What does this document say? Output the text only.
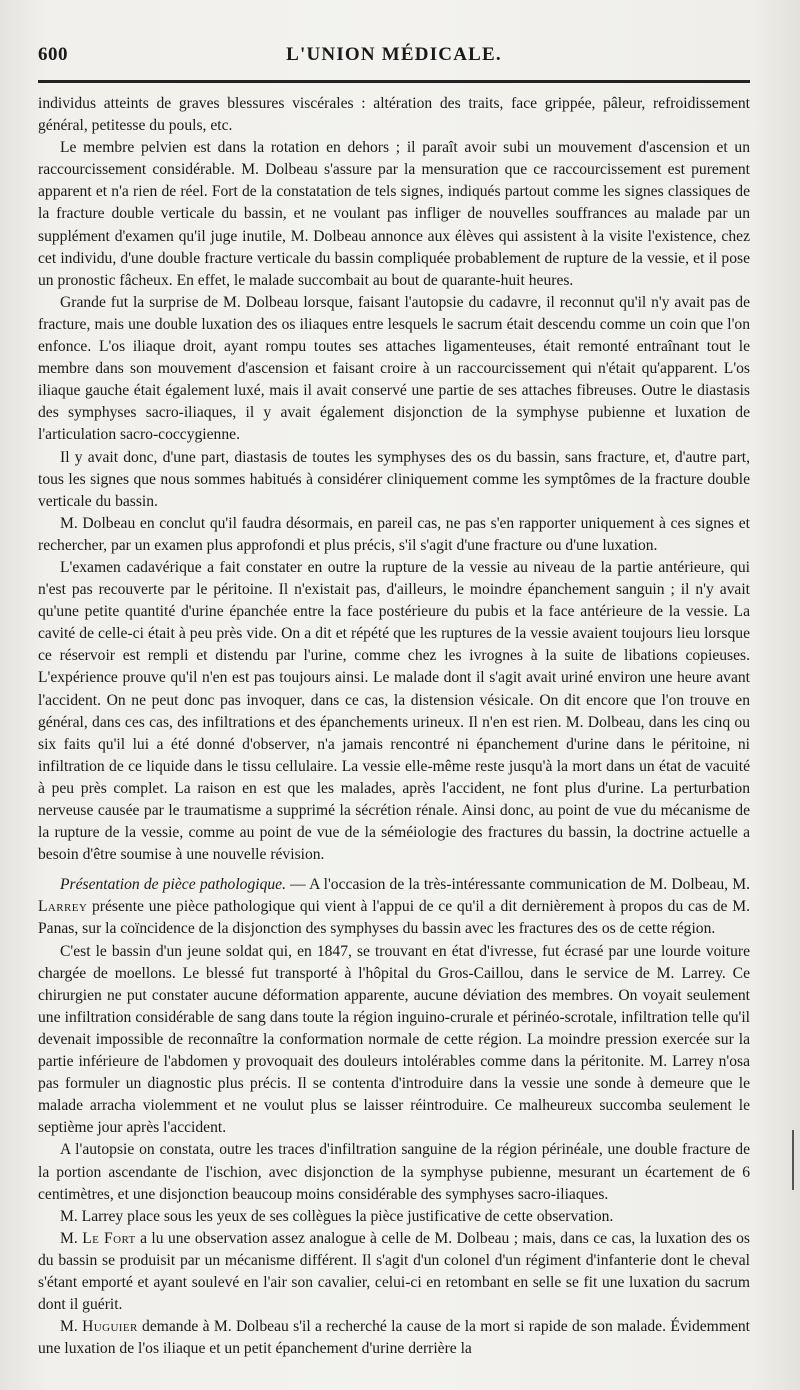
600	L'UNION MÉDICALE.

individus atteints de graves blessures viscérales : altération des traits, face grippée, pâleur, refroidissement général, petitesse du pouls, etc.

Le membre pelvien est dans la rotation en dehors ; il paraît avoir subi un mouvement d'ascension et un raccourcissement considérable. M. Dolbeau s'assure par la mensuration que ce raccourcissement est purement apparent et n'a rien de réel. Fort de la constatation de tels signes, indiqués partout comme les signes classiques de la fracture double verticale du bassin, et ne voulant pas infliger de nouvelles souffrances au malade par un supplément d'examen qu'il juge inutile, M. Dolbeau annonce aux élèves qui assistent à la visite l'existence, chez cet individu, d'une double fracture verticale du bassin compliquée probablement de rupture de la vessie, et il pose un pronostic fâcheux. En effet, le malade succombait au bout de quarante-huit heures.

Grande fut la surprise de M. Dolbeau lorsque, faisant l'autopsie du cadavre, il reconnut qu'il n'y avait pas de fracture, mais une double luxation des os iliaques entre lesquels le sacrum était descendu comme un coin que l'on enfonce. L'os iliaque droit, ayant rompu toutes ses attaches ligamenteuses, était remonté entraînant tout le membre dans son mouvement d'ascension et faisant croire à un raccourcissement qui n'était qu'apparent. L'os iliaque gauche était également luxé, mais il avait conservé une partie de ses attaches fibreuses. Outre le diastasis des symphyses sacro-iliaques, il y avait également disjonction de la symphyse pubienne et luxation de l'articulation sacro-coccygienne.

Il y avait donc, d'une part, diastasis de toutes les symphyses des os du bassin, sans fracture, et, d'autre part, tous les signes que nous sommes habitués à considérer cliniquement comme les symptômes de la fracture double verticale du bassin.

M. Dolbeau en conclut qu'il faudra désormais, en pareil cas, ne pas s'en rapporter uniquement à ces signes et rechercher, par un examen plus approfondi et plus précis, s'il s'agit d'une fracture ou d'une luxation.

L'examen cadavérique a fait constater en outre la rupture de la vessie au niveau de la partie antérieure, qui n'est pas recouverte par le péritoine. Il n'existait pas, d'ailleurs, le moindre épanchement sanguin ; il n'y avait qu'une petite quantité d'urine épanchée entre la face postérieure du pubis et la face antérieure de la vessie. La cavité de celle-ci était à peu près vide. On a dit et répété que les ruptures de la vessie avaient toujours lieu lorsque ce réservoir est rempli et distendu par l'urine, comme chez les ivrognes à la suite de libations copieuses. L'expérience prouve qu'il n'en est pas toujours ainsi. Le malade dont il s'agit avait uriné environ une heure avant l'accident. On ne peut donc pas invoquer, dans ce cas, la distension vésicale. On dit encore que l'on trouve en général, dans ces cas, des infiltrations et des épanchements urineux. Il n'en est rien. M. Dolbeau, dans les cinq ou six faits qu'il lui a été donné d'observer, n'a jamais rencontré ni épanchement d'urine dans le péritoine, ni infiltration de ce liquide dans le tissu cellulaire. La vessie elle-même reste jusqu'à la mort dans un état de vacuité à peu près complet. La raison en est que les malades, après l'accident, ne font plus d'urine. La perturbation nerveuse causée par le traumatisme a supprimé la sécrétion rénale. Ainsi donc, au point de vue du mécanisme de la rupture de la vessie, comme au point de vue de la séméiologie des fractures du bassin, la doctrine actuelle a besoin d'être soumise à une nouvelle révision.

Présentation de pièce pathologique. — A l'occasion de la très-intéressante communication de M. Dolbeau, M. Larrey présente une pièce pathologique qui vient à l'appui de ce qu'il a dit dernièrement à propos du cas de M. Panas, sur la coïncidence de la disjonction des symphyses du bassin avec les fractures des os de cette région.

C'est le bassin d'un jeune soldat qui, en 1847, se trouvant en état d'ivresse, fut écrasé par une lourde voiture chargée de moellons. Le blessé fut transporté à l'hôpital du Gros-Caillou, dans le service de M. Larrey. Ce chirurgien ne put constater aucune déformation apparente, aucune déviation des membres. On voyait seulement une infiltration considérable de sang dans toute la région inguino-crurale et périnéo-scrotale, infiltration telle qu'il devenait impossible de reconnaître la conformation normale de cette région. La moindre pression exercée sur la partie inférieure de l'abdomen y provoquait des douleurs intolérables comme dans la péritonite. M. Larrey n'osa pas formuler un diagnostic plus précis. Il se contenta d'introduire dans la vessie une sonde à demeure que le malade arracha violemment et ne voulut plus se laisser réintroduire. Ce malheureux succomba seulement le septième jour après l'accident.

A l'autopsie on constata, outre les traces d'infiltration sanguine de la région périnéale, une double fracture de la portion ascendante de l'ischion, avec disjonction de la symphyse pubienne, mesurant un écartement de 6 centimètres, et une disjonction beaucoup moins considérable des symphyses sacro-iliaques.

M. Larrey place sous les yeux de ses collègues la pièce justificative de cette observation.

M. Le Fort a lu une observation assez analogue à celle de M. Dolbeau ; mais, dans ce cas, la luxation des os du bassin se produisit par un mécanisme différent. Il s'agit d'un colonel d'un régiment d'infanterie dont le cheval s'étant emporté et ayant soulevé en l'air son cavalier, celui-ci en retombant en selle se fit une luxation du sacrum dont il guérit.

M. Huguier demande à M. Dolbeau s'il a recherché la cause de la mort si rapide de son malade. Évidemment une luxation de l'os iliaque et un petit épanchement d'urine derrière la
